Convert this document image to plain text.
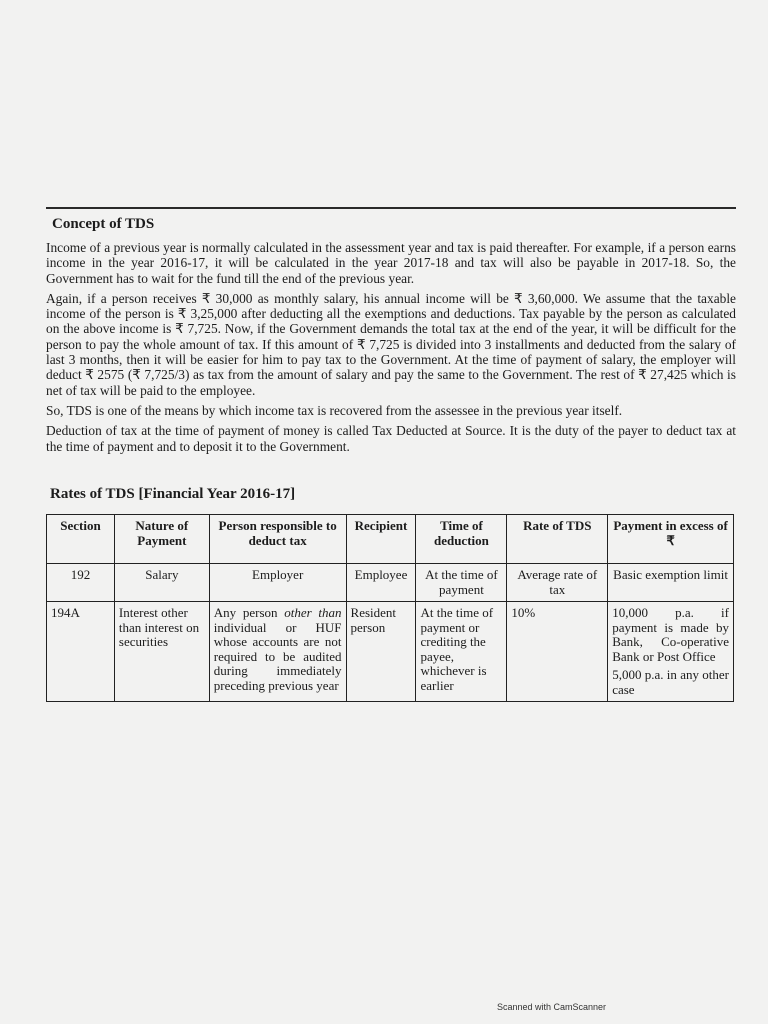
Concept of TDS

Income of a previous year is normally calculated in the assessment year and tax is paid thereafter. For example, if a person earns income in the year 2016-17, it will be calculated in the year 2017-18 and tax will also be payable in 2017-18. So, the Government has to wait for the fund till the end of the previous year.

Again, if a person receives ₹ 30,000 as monthly salary, his annual income will be ₹ 3,60,000. We assume that the taxable income of the person is ₹ 3,25,000 after deducting all the exemptions and deductions. Tax payable by the person as calculated on the above income is ₹ 7,725. Now, if the Government demands the total tax at the end of the year, it will be difficult for the person to pay the whole amount of tax. If this amount of ₹ 7,725 is divided into 3 installments and deducted from the salary of last 3 months, then it will be easier for him to pay tax to the Government. At the time of payment of salary, the employer will deduct ₹ 2575 (₹ 7,725/3) as tax from the amount of salary and pay the same to the Government. The rest of ₹ 27,425 which is net of tax will be paid to the employee.

So, TDS is one of the means by which income tax is recovered from the assessee in the previous year itself.

Deduction of tax at the time of payment of money is called Tax Deducted at Source. It is the duty of the payer to deduct tax at the time of payment and to deposit it to the Government.

Rates of TDS [Financial Year 2016-17]
Section	Nature of Payment	Person responsible to deduct tax	Recipient	Time of deduction	Rate of TDS	Payment in excess of ₹
192	Salary	Employer	Employee	At the time of payment	Average rate of tax	Basic exemption limit
194A	Interest other than interest on securities	Any person other than individual or HUF whose accounts are not required to be audited during immediately preceding previous year	Resident person	At the time of payment or crediting the payee, whichever is earlier	10%	10,000 p.a. if payment is made by Bank, Co-operative Bank or Post Office
5,000 p.a. in any other case
Scanned with CamScanner
